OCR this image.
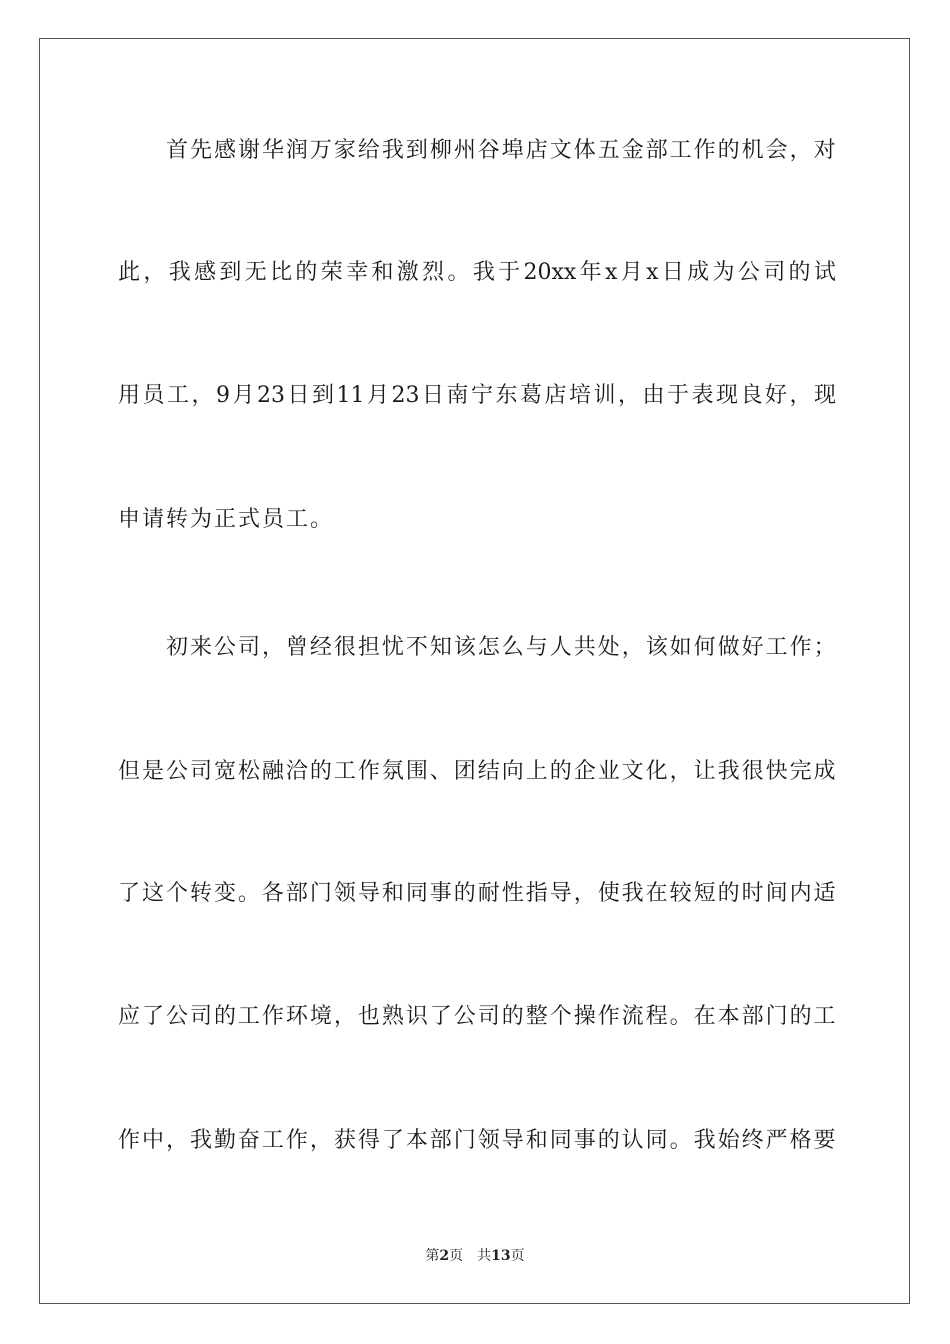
首 先 感 谢 华 润 万 家 给 我 到 柳 州 谷 埠 店 文 体 五 金 部 工 作 的 机 会 ， 对
此 ， 我 感 到 无 比 的 荣 幸 和 激 烈 。 我 于 20xx 年 x 月 x 日 成 为 公 司 的 试
用 员 工 ， 9 月 23 日 到 11 月 23 日 南 宁 东 葛 店 培 训 ， 由 于 表 现 良 好 ， 现
申请转为正式员工。
初 来 公 司 ， 曾 经 很 担 忧 不 知 该 怎 么 与 人 共 处 ， 该 如 何 做 好 工 作 ；
但 是 公 司 宽 松 融 洽 的 工 作 氛 围 、 团 结 向 上 的 企 业 文 化 ， 让 我 很 快 完 成
了 这 个 转 变 。 各 部 门 领 导 和 同 事 的 耐 性 指 导 ， 使 我 在 较 短 的 时 间 内 适
应 了 公 司 的 工 作 环 境 ， 也 熟 识 了 公 司 的 整 个 操 作 流 程 。 在 本 部 门 的 工
作 中 ， 我 勤 奋 工 作 ， 获 得 了 本 部 门 领 导 和 同 事 的 认 同 。 我 始 终 严 格 要
第2页 共13页
